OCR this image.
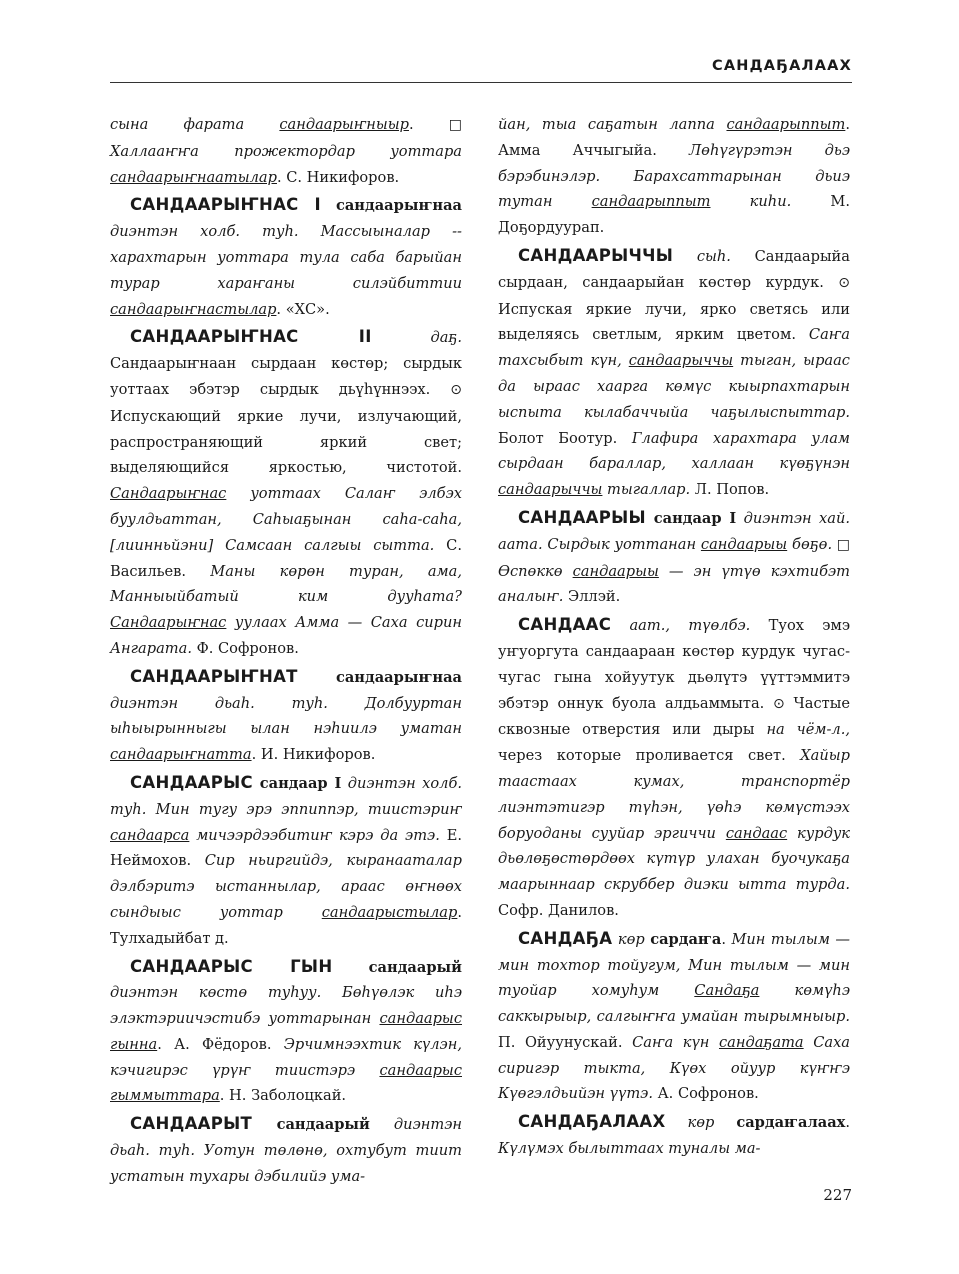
САНДАҔАЛААХ

сына фарата сандаарыҥныыр. □ Халлааҥҥа прожектордар уоттара сандаарыҥнаатылар. С. Никифоров.

САНДААРЫҤНАС I сандаарыҥнаа диэнтэн холб. туһ. Массыыналар -- харахтарын уоттара тула саба барыйан турар хараҥаны силэйбиттии сандаарыҥнастылар. «ХС».

САНДААРЫҤНАС II даҕ. Сандаарыҥнаан сырдаан көстөр; сырдык уоттаах эбэтэр сырдык дьүһүннээх. ⊙ Испускающий яркие лучи, излучающий, распространяющий яркий свет; выделяющийся яркостью, чистотой. Сандаарыҥнас уоттаах Салаҥ элбэх буулдьаттан, Саһыаҕынан саһа-саһа, [лиинньйэни] Самсаан салгыы сытта. С. Васильев. Маны көрөн туран, ама, Манныыйбатый ким дууһата? Сандаарыҥнас уулаах Амма — Саха сирин Ангарата. Ф. Софронов.

САНДААРЫҤНАТ сандаарыҥнаа диэнтэн дьаһ. туһ. Долбууртан ыһыырынныгы ылан нэһиилэ уматан сандаарыҥнатта. И. Никифоров.

САНДААРЫС сандаар I диэнтэн холб. туһ. Мин тугу эрэ эппиппэр, тиистэриҥ сандаарса мичээрдээбитиҥ кэрэ да этэ. Е. Неймохов. Сир ньиргийдэ, кыранааталар дэлбэритэ ыстаннылар, араас өҥнөөх сындыыс уоттар сандаарыстылар. Тулхадыйбат д.

САНДААРЫС ГЫН сандаарый диэнтэн көстө туһуу. Бөһүөлэк иһэ элэктэриичэстибэ уоттарынан сандаарыс гынна. А. Фёдоров. Эрчимнээхтик күлэн, кэчигирэс үрүҥ тиистэрэ сандаарыс гыммыттара. Н. Заболоцкай.

САНДААРЫТ сандаарый диэнтэн дьаһ. туһ. Уотун төлөнө, охтубут тиит устатын тухары дэбилийэ ума-

йан, тыа саҕатын лаппа сандаарыппыт. Амма Аччыгыйа. Лөһүгүрэтэн дьэ бэрэбинэлэр. Барахсаттарынан дьиэ тутан сандаарыппыт киһи. М. Доҕордуурап.

САНДААРЫЧЧЫ сыһ. Сандаарыйа сырдаан, сандаарыйан көстөр курдук. ⊙ Испуская яркие лучи, ярко светясь или выделяясь светлым, ярким цветом. Саҥа тахсыбыт күн, сандаарыччы тыган, ыраас да ыраас хаарга көмүс кыырпахтарын ыспыта кылабаччыйа чаҕылыспыттар. Болот Боотур. Глафира харахтара улам сырдаан бараллар, халлаан күөҕүнэн сандаарыччы тыгаллар. Л. Попов.

САНДААРЫЫ сандаар I диэнтэн хай. аата. Сырдык уоттанан сандаарыы бөҕө. □ Өспөккө сандаарыы — эн үтүө кэхтибэт аналыҥ. Эллэй.

САНДААС аат., түөлбэ. Туох эмэ уҥуоргута сандаараан көстөр курдук чугас-чугас гына хойуутук дьөлүтэ үүттэммитэ эбэтэр оннук буола алдьаммыта. ⊙ Частые сквозные отверстия или дыры на чём-л., через которые проливается свет. Хайыр таастаах кумах, транспортёр лиэнтэтигэр түһэн, үөһэ көмүстээх боруоданы сууйар эргиччи сандаас курдук дьөлөҕөстөрдөөх күтүр улахан буочукаҕа маарыннаар скруббер диэки ытта турда. Софр. Данилов.

САНДАҔА көр сардаҥа. Мин тылым — мин тохтор тойугум, Мин тылым — мин туойар хомуһум Сандаҕа көмүһэ саккырыыр, салгыҥҥа умайан тырымныыр. П. Ойуунускай. Саҥа күн сандаҕата Саха сиригэр тыкта, Күөх ойуур күҥҥэ Күөгэлдьийэн үүтэ. А. Софронов.

САНДАҔАЛААХ көр сардаҥалаах. Күлүмэх былыттаах туналы ма-

227
